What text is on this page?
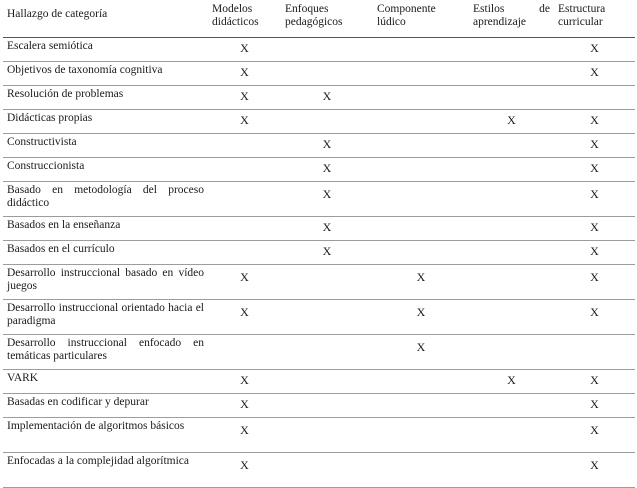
Hallazgo de categoría	Modelos didácticos	Enfoques pedagógicos	Componente lúdico	Estilos de aprendizaje	Estructura curricular
Escalera semiótica	X				X
Objetivos de taxonomía cognitiva	X				X
Resolución de problemas	X	X			
Didácticas propias	X			X	X
Constructivista		X			X
Construccionista		X			X
Basado en metodología del proceso didáctico		X			X
Basados en la enseñanza		X			X
Basados en el currículo		X			X
Desarrollo instruccional basado en vídeo juegos	X		X		X
Desarrollo instruccional orientado hacia el paradigma	X		X		X
Desarrollo instruccional enfocado en temáticas particulares			X		
VARK	X			X	X
Basadas en codificar y depurar	X				X
Implementación de algoritmos básicos	X				X
Enfocadas a la complejidad algorítmica	X				X
